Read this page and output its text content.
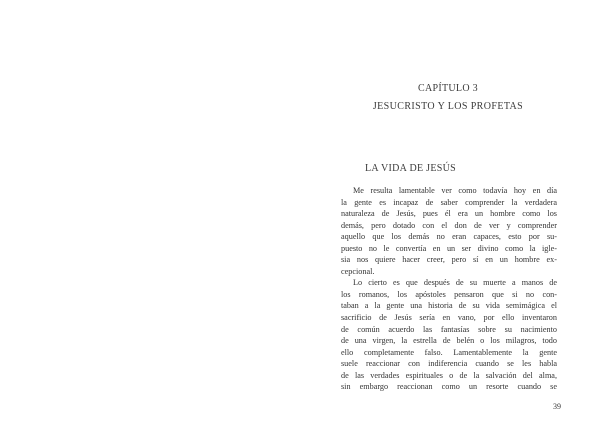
CAPÍTULO 3
JESUCRISTO Y LOS PROFETAS
LA VIDA DE JESÚS
Me resulta lamentable ver como todavía hoy en día
la gente es incapaz de saber comprender la verdadera
naturaleza de Jesús, pues él era un hombre como los
demás, pero dotado con el don de ver y comprender
aquello que los demás no eran capaces, esto por su-
puesto no le convertía en un ser divino como la igle-
sia nos quiere hacer creer, pero sí en un hombre ex-
cepcional.
Lo cierto es que después de su muerte a manos de
los romanos, los apóstoles pensaron que si no con-
taban a la gente una historia de su vida semimágica el
sacrificio de Jesús sería en vano, por ello inventaron
de común acuerdo las fantasías sobre su nacimiento
de una virgen, la estrella de belén o los milagros, todo
ello completamente falso. Lamentablemente la gente
suele reaccionar con indiferencia cuando se les habla
de las verdades espirituales o de la salvación del alma,
sin embargo reaccionan como un resorte cuando se
39
